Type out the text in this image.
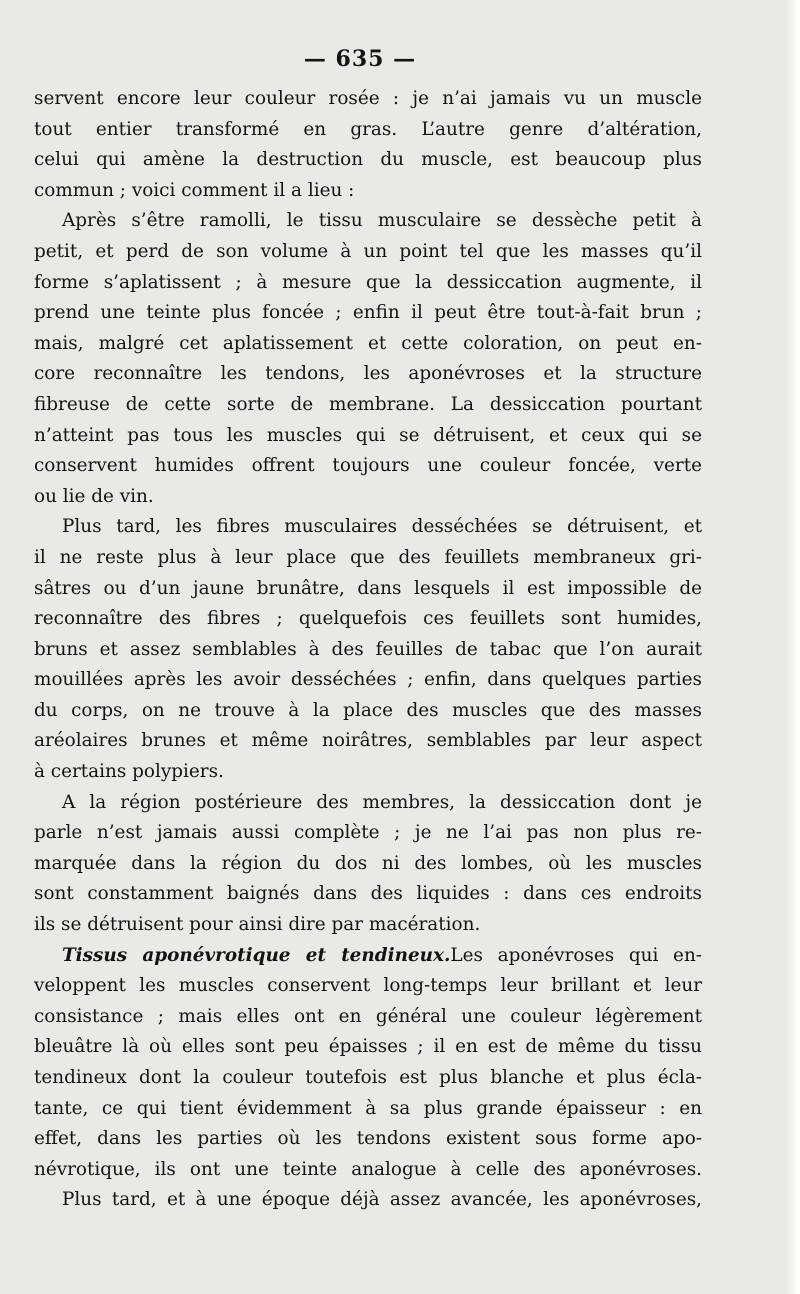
— 635 —
servent encore leur couleur rosée : je n’ai jamais vu un muscle
tout entier transformé en gras. L’autre genre d’altération,
celui qui amène la destruction du muscle, est beaucoup plus
commun ; voici comment il a lieu :
Après s’être ramolli, le tissu musculaire se dessèche petit à
petit, et perd de son volume à un point tel que les masses qu’il
forme s’aplatissent ; à mesure que la dessiccation augmente, il
prend une teinte plus foncée ; enfin il peut être tout-à-fait brun ;
mais, malgré cet aplatissement et cette coloration, on peut en-
core reconnaître les tendons, les aponévroses et la structure
fibreuse de cette sorte de membrane. La dessiccation pourtant
n’atteint pas tous les muscles qui se détruisent, et ceux qui se
conservent humides offrent toujours une couleur foncée, verte
ou lie de vin.
Plus tard, les fibres musculaires desséchées se détruisent, et
il ne reste plus à leur place que des feuillets membraneux gri-
sâtres ou d’un jaune brunâtre, dans lesquels il est impossible de
reconnaître des fibres ; quelquefois ces feuillets sont humides,
bruns et assez semblables à des feuilles de tabac que l’on aurait
mouillées après les avoir desséchées ; enfin, dans quelques parties
du corps, on ne trouve à la place des muscles que des masses
aréolaires brunes et même noirâtres, semblables par leur aspect
à certains polypiers.
A la région postérieure des membres, la dessiccation dont je
parle n’est jamais aussi complète ; je ne l’ai pas non plus re-
marquée dans la région du dos ni des lombes, où les muscles
sont constamment baignés dans des liquides : dans ces endroits
ils se détruisent pour ainsi dire par macération.
Tissus aponévrotique et tendineux.Les aponévroses qui en-
veloppent les muscles conservent long-temps leur brillant et leur
consistance ; mais elles ont en général une couleur légèrement
bleuâtre là où elles sont peu épaisses ; il en est de même du tissu
tendineux dont la couleur toutefois est plus blanche et plus écla-
tante, ce qui tient évidemment à sa plus grande épaisseur : en
effet, dans les parties où les tendons existent sous forme apo-
névrotique, ils ont une teinte analogue à celle des aponévroses.
Plus tard, et à une époque déjà assez avancée, les aponévroses,
